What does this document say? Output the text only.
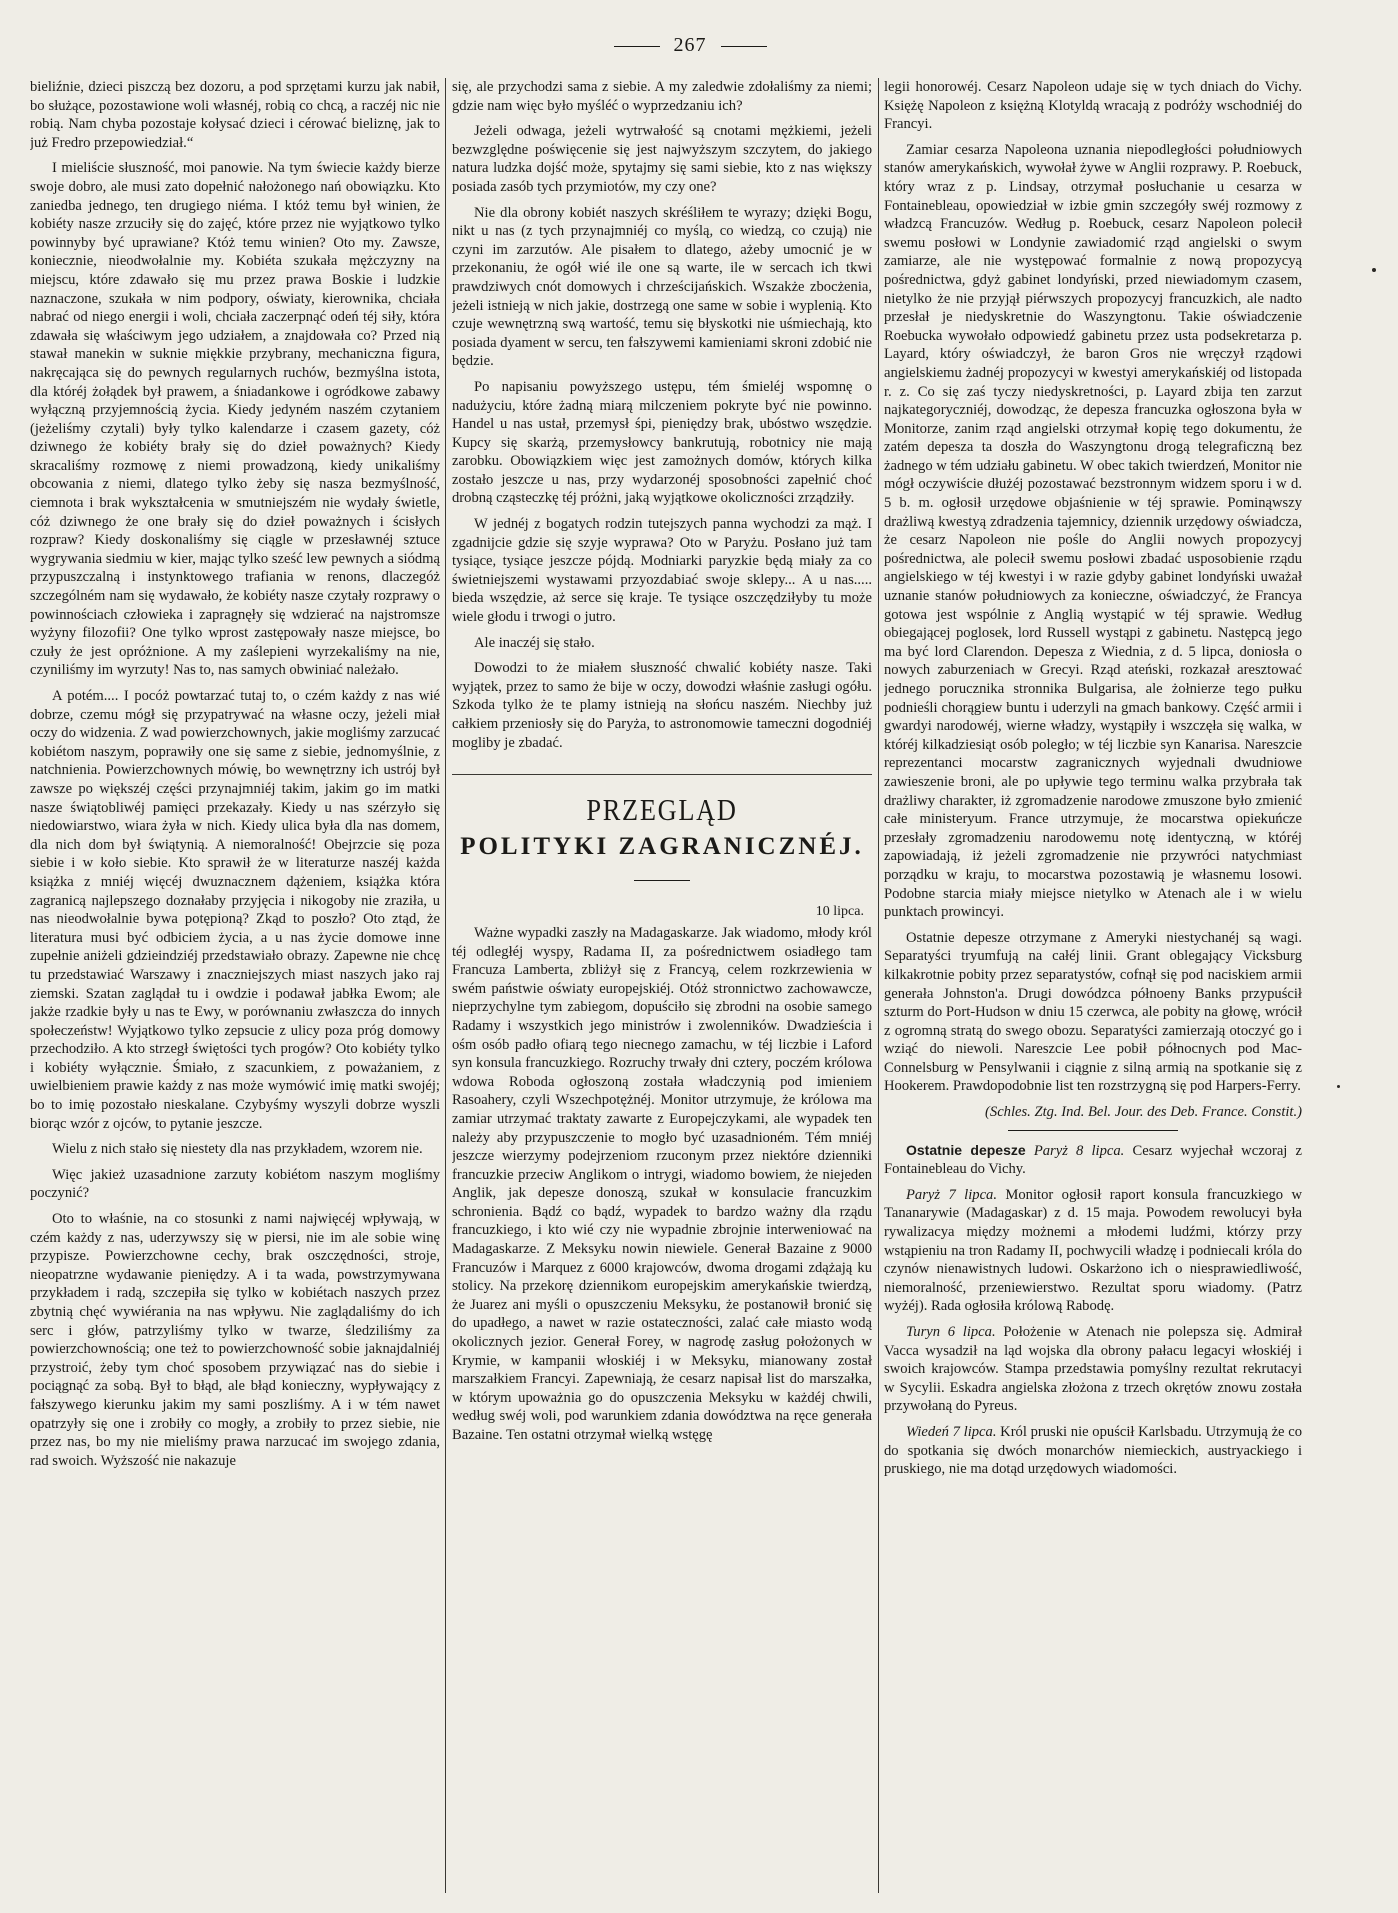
267

bieliźnie, dzieci piszczą bez dozoru, a pod sprzętami kurzu jak nabił, bo służące, pozostawione woli własnéj, robią co chcą, a raczéj nic nie robią. Nam chyba pozostaje kołysać dzieci i cérować bieliznę, jak to już Fredro przepowiedział.“

I mieliście słuszność, moi panowie. Na tym świecie każdy bierze swoje dobro, ale musi zato dopełnić nałożonego nań obowiązku. Kto zaniedba jednego, ten drugiego niéma. I któż temu był winien, że kobiéty nasze zrzuciły się do zajęć, które przez nie wyjątkowo tylko powinnyby być uprawiane? Któż temu winien? Oto my. Zawsze, koniecznie, nieodwołalnie my. Kobiéta szukała mężczyzny na miejscu, które zdawało się mu przez prawa Boskie i ludzkie naznaczone, szukała w nim podpory, oświaty, kierownika, chciała nabrać od niego energii i woli, chciała zaczerpnąć odeń téj siły, która zdawała się właściwym jego udziałem, a znajdowała co? Przed nią stawał manekin w suknie miękkie przybrany, mechaniczna figura, nakręcająca się do pewnych regularnych ruchów, bezmyślna istota, dla któréj żołądek był prawem, a śniadankowe i ogródkowe zabawy wyłączną przyjemnością życia. Kiedy jedyném naszém czytaniem (jeżeliśmy czytali) były tylko kalendarze i czasem gazety, cóż dziwnego że kobiéty brały się do dzieł poważnych? Kiedy skracaliśmy rozmowę z niemi prowadzoną, kiedy unikaliśmy obcowania z niemi, dlatego tylko żeby się nasza bezmyślność, ciemnota i brak wykształcenia w smutniejszém nie wydały świetle, cóż dziwnego że one brały się do dzieł poważnych i ścisłych rozpraw? Kiedy doskonaliśmy się ciągle w przesławnéj sztuce wygrywania siedmiu w kier, mając tylko sześć lew pewnych a siódmą przypuszczalną i instynktowego trafiania w renons, dlaczegóż szczególném nam się wydawało, że kobiéty nasze czytały rozprawy o powinnościach człowieka i zapragnęły się wdzierać na najstromsze wyżyny filozofii? One tylko wprost zastępowały nasze miejsce, bo czuły że jest opróżnione. A my zaślepieni wyrzekaliśmy na nie, czyniliśmy im wyrzuty! Nas to, nas samych obwiniać należało.

A potém.... I pocóż powtarzać tutaj to, o czém każdy z nas wié dobrze, czemu mógł się przypatrywać na własne oczy, jeżeli miał oczy do widzenia. Z wad powierzchownych, jakie mogliśmy zarzucać kobiétom naszym, poprawiły one się same z siebie, jednomyślnie, z natchnienia. Powierzchownych mówię, bo wewnętrzny ich ustrój był zawsze po większéj części przynajmniéj takim, jakim go im matki nasze świątobliwéj pamięci przekazały. Kiedy u nas szérzyło się niedowiarstwo, wiara żyła w nich. Kiedy ulica była dla nas domem, dla nich dom był świątynią. A niemoralność! Obejrzcie się poza siebie i w koło siebie. Kto sprawił że w literaturze naszéj każda książka z mniéj więcéj dwuznacznem dążeniem, książka która zagranicą najlepszego doznałaby przyjęcia i nikogoby nie zraziła, u nas nieodwołalnie bywa potępioną? Zkąd to poszło? Oto ztąd, że literatura musi być odbiciem życia, a u nas życie domowe inne zupełnie aniżeli gdzieindziéj przedstawiało obrazy. Zapewne nie chcę tu przedstawiać Warszawy i znaczniejszych miast naszych jako raj ziemski. Szatan zaglądał tu i owdzie i podawał jabłka Ewom; ale jakże rzadkie były u nas te Ewy, w porównaniu zwłaszcza do innych społeczeństw! Wyjątkowo tylko zepsucie z ulicy poza próg domowy przechodziło. A kto strzegł świętości tych progów? Oto kobiéty tylko i kobiéty wyłącznie. Śmiało, z szacunkiem, z poważaniem, z uwielbieniem prawie każdy z nas może wymówić imię matki swojéj; bo to imię pozostało nieskalane. Czybyśmy wyszyli dobrze wyszli biorąc wzór z ojców, to pytanie jeszcze.

Wielu z nich stało się niestety dla nas przykładem, wzorem nie.

Więc jakież uzasadnione zarzuty kobiétom naszym mogliśmy poczynić?

Oto to właśnie, na co stosunki z nami najwięcéj wpływają, w czém każdy z nas, uderzywszy się w piersi, nie im ale sobie winę przypisze. Powierzchowne cechy, brak oszczędności, stroje, nieopatrzne wydawanie pieniędzy. A i ta wada, powstrzymywana przykładem i radą, szczepiła się tylko w kobiétach naszych przez zbytnią chęć wywiérania na nas wpływu. Nie zaglądaliśmy do ich serc i głów, patrzyliśmy tylko w twarze, śledziliśmy za powierzchownością; one też to powierzchowność sobie jaknajdalniéj przystroić, żeby tym choć sposobem przywiązać nas do siebie i pociągnąć za sobą. Był to błąd, ale błąd konieczny, wypływający z fałszywego kierunku jakim my sami poszliśmy. A i w tém nawet opatrzyły się one i zrobiły co mogły, a zrobiły to przez siebie, nie przez nas, bo my nie mieliśmy prawa narzucać im swojego zdania, rad swoich. Wyższość nie nakazuje

się, ale przychodzi sama z siebie. A my zaledwie zdołaliśmy za niemi; gdzie nam więc było myśléć o wyprzedzaniu ich?

Jeżeli odwaga, jeżeli wytrwałość są cnotami mężkiemi, jeżeli bezwzględne poświęcenie się jest najwyższym szczytem, do jakiego natura ludzka dojść może, spytajmy się sami siebie, kto z nas większy posiada zasób tych przymiotów, my czy one?

Nie dla obrony kobiét naszych skréśliłem te wyrazy; dzięki Bogu, nikt u nas (z tych przynajmniéj co myślą, co wiedzą, co czują) nie czyni im zarzutów. Ale pisałem to dlatego, ażeby umocnić je w przekonaniu, że ogół wié ile one są warte, ile w sercach ich tkwi prawdziwych cnót domowych i chrześcijańskich. Wszakże zbocżenia, jeżeli istnieją w nich jakie, dostrzegą one same w sobie i wyplenią. Kto czuje wewnętrzną swą wartość, temu się błyskotki nie uśmiechają, kto posiada dyament w sercu, ten fałszywemi kamieniami skroni zdobić nie będzie.

Po napisaniu powyższego ustępu, tém śmieléj wspomnę o nadużyciu, które żadną miarą milczeniem pokryte być nie powinno. Handel u nas ustał, przemysł śpi, pieniędzy brak, ubóstwo wszędzie. Kupcy się skarżą, przemysłowcy bankrutują, robotnicy nie mają zarobku. Obowiązkiem więc jest zamożnych domów, których kilka zostało jeszcze u nas, przy wydarzonéj sposobności zapełnić choć drobną cząsteczkę téj próżni, jaką wyjątkowe okoliczności zrządziły.

W jednéj z bogatych rodzin tutejszych panna wychodzi za mąż. I zgadnijcie gdzie się szyje wyprawa? Oto w Paryżu. Posłano już tam tysiące, tysiące jeszcze pójdą. Modniarki paryzkie będą miały za co świetniejszemi wystawami przyozdabiać swoje sklepy... A u nas..... bieda wszędzie, aż serce się kraje. Te tysiące oszczędziłyby tu może wiele głodu i trwogi o jutro.

Ale inaczéj się stało.

Dowodzi to że miałem słuszność chwalić kobiéty nasze. Taki wyjątek, przez to samo że bije w oczy, dowodzi właśnie zasługi ogółu. Szkoda tylko że te plamy istnieją na słońcu naszém. Niechby już całkiem przeniosły się do Paryża, to astronomowie tameczni dogodniéj mogliby je zbadać.

PRZEGLĄD
POLITYKI ZAGRANICZNÉJ.
10 lipca.

Ważne wypadki zaszły na Madagaskarze. Jak wiadomo, młody król téj odległéj wyspy, Radama II, za pośrednictwem osiadłego tam Francuza Lamberta, zbliżył się z Francyą, celem rozkrzewienia w swém państwie oświaty europejskiéj. Otóż stronnictwo zachowawcze, nieprzychylne tym zabiegom, dopuściło się zbrodni na osobie samego Radamy i wszystkich jego ministrów i zwolenników. Dwadzieścia i ośm osób padło ofiarą tego niecnego zamachu, w téj liczbie i Laford syn konsula francuzkiego. Rozruchy trwały dni cztery, poczém królowa wdowa Roboda ogłoszoną została władczynią pod imieniem Rasoahery, czyli Wszechpotężnéj. Monitor utrzymuje, że królowa ma zamiar utrzymać traktaty zawarte z Europejczykami, ale wypadek ten należy aby przypuszczenie to mogło być uzasadnioném. Tém mniéj jeszcze wierzymy podejrzeniom rzuconym przez niektóre dzienniki francuzkie przeciw Anglikom o intrygi, wiadomo bowiem, że niejeden Anglik, jak depesze donoszą, szukał w konsulacie francuzkim schronienia. Bądź co bądź, wypadek to bardzo ważny dla rządu francuzkiego, i kto wié czy nie wypadnie zbrojnie interweniować na Madagaskarze. Z Meksyku nowin niewiele. Generał Bazaine z 9000 Francuzów i Marquez z 6000 krajowców, dwoma drogami zdążają ku stolicy. Na przekorę dziennikom europejskim amerykańskie twierdzą, że Juarez ani myśli o opuszczeniu Meksyku, że postanowił bronić się do upadłego, a nawet w razie ostateczności, zalać całe miasto wodą okolicznych jezior. Generał Forey, w nagrodę zasług położonych w Krymie, w kampanii włoskiéj i w Meksyku, mianowany został marszałkiem Francyi. Zapewniają, że cesarz napisał list do marszałka, w którym upoważnia go do opuszczenia Meksyku w każdéj chwili, według swéj woli, pod warunkiem zdania dowództwa na ręce generała Bazaine. Ten ostatni otrzymał wielką wstęgę

legii honorowéj. Cesarz Napoleon udaje się w tych dniach do Vichy. Księżę Napoleon z księżną Klotyldą wracają z podróży wschodniéj do Francyi.

Zamiar cesarza Napoleona uznania niepodległości południowych stanów amerykańskich, wywołał żywe w Anglii rozprawy. P. Roebuck, który wraz z p. Lindsay, otrzymał posłuchanie u cesarza w Fontainebleau, opowiedział w izbie gmin szczegóły swéj rozmowy z władzcą Francuzów. Według p. Roebuck, cesarz Napoleon polecił swemu posłowi w Londynie zawiadomić rząd angielski o swym zamiarze, ale nie występować formalnie z nową propozycyą pośrednictwa, gdyż gabinet londyński, przed niewiadomym czasem, nietylko że nie przyjął piérwszych propozycyj francuzkich, ale nadto przesłał je niedyskretnie do Waszyngtonu. Takie oświadczenie Roebucka wywołało odpowiedź gabinetu przez usta podsekretarza p. Layard, który oświadczył, że baron Gros nie wręczył rządowi angielskiemu żadnéj propozycyi w kwestyi amerykańskiéj od listopada r. z. Co się zaś tyczy niedyskretności, p. Layard zbija ten zarzut najkategoryczniéj, dowodząc, że depesza francuzka ogłoszona była w Monitorze, zanim rząd angielski otrzymał kopię tego dokumentu, że zatém depesza ta doszła do Waszyngtonu drogą telegraficzną bez żadnego w tém udziału gabinetu. W obec takich twierdzeń, Monitor nie mógł oczywiście dłużéj pozostawać bezstronnym widzem sporu i w d. 5 b. m. ogłosił urzędowe objaśnienie w téj sprawie. Pominąwszy drażliwą kwestyą zdradzenia tajemnicy, dziennik urzędowy oświadcza, że cesarz Napoleon nie pośle do Anglii nowych propozycyj pośrednictwa, ale polecił swemu posłowi zbadać usposobienie rządu angielskiego w téj kwestyi i w razie gdyby gabinet londyński uważał uznanie stanów południowych za konieczne, oświadczyć, że Francya gotowa jest wspólnie z Anglią wystąpić w téj sprawie. Według obiegającej poglosek, lord Russell wystąpi z gabinetu. Następcą jego ma być lord Clarendon. Depesza z Wiednia, z d. 5 lipca, doniosła o nowych zaburzeniach w Grecyi. Rząd ateński, rozkazał aresztować jednego porucznika stronnika Bulgarisa, ale żołnierze tego pułku podnieśli chorągiew buntu i uderzyli na gmach bankowy. Część armii i gwardyi narodowéj, wierne władzy, wystąpiły i wszczęła się walka, w któréj kilkadziesiąt osób poległo; w téj liczbie syn Kanarisa. Nareszcie reprezentanci mocarstw zagranicznych wyjednali dwudniowe zawieszenie broni, ale po upływie tego terminu walka przybrała tak drażliwy charakter, iż zgromadzenie narodowe zmuszone było zmienić całe ministeryum. France utrzymuje, że mocarstwa opiekuńcze przesłały zgromadzeniu narodowemu notę identyczną, w któréj zapowiadają, iż jeżeli zgromadzenie nie przywróci natychmiast porządku w kraju, to mocarstwa pozostawią je własnemu losowi. Podobne starcia miały miejsce nietylko w Atenach ale i w wielu punktach prowincyi.

Ostatnie depesze otrzymane z Ameryki niestychanéj są wagi. Separatyści tryumfują na całéj linii. Grant oblegający Vicksburg kilkakrotnie pobity przez separatystów, cofnął się pod naciskiem armii generała Johnston'a. Drugi dowódzca półnoeny Banks przypuścił szturm do Port-Hudson w dniu 15 czerwca, ale pobity na głowę, wrócił z ogromną stratą do swego obozu. Separatyści zamierzają otoczyć go i wziąć do niewoli. Nareszcie Lee pobił północnych pod Mac-Connelsburg w Pensylwanii i ciągnie z silną armią na spotkanie się z Hookerem. Prawdopodobnie list ten rozstrzygną się pod Harpers-Ferry.

(Schles. Ztg. Ind. Bel. Jour. des Deb. France. Constit.)

Ostatnie depesze Paryż 8 lipca. Cesarz wyjechał wczoraj z Fontainebleau do Vichy.

Paryż 7 lipca. Monitor ogłosił raport konsula francuzkiego w Tananarywie (Madagaskar) z d. 15 maja. Powodem rewolucyi była rywalizacya między możnemi a młodemi ludźmi, którzy przy wstąpieniu na tron Radamy II, pochwycili władzę i podniecali króla do czynów nienawistnych ludowi. Oskarżono ich o niesprawiedliwość, niemoralność, przeniewierstwo. Rezultat sporu wiadomy. (Patrz wyżéj). Rada ogłosiła królową Rabodę.

Turyn 6 lipca. Położenie w Atenach nie polepsza się. Admirał Vacca wysadził na ląd wojska dla obrony pałacu legacyi włoskiéj i swoich krajowców. Stampa przedstawia pomyślny rezultat rekrutacyi w Sycylii. Eskadra angielska złożona z trzech okrętów znowu została przywołaną do Pyreus.

Wiedeń 7 lipca. Król pruski nie opuścił Karlsbadu. Utrzymują że co do spotkania się dwóch monarchów niemieckich, austryackiego i pruskiego, nie ma dotąd urzędowych wiadomości.
